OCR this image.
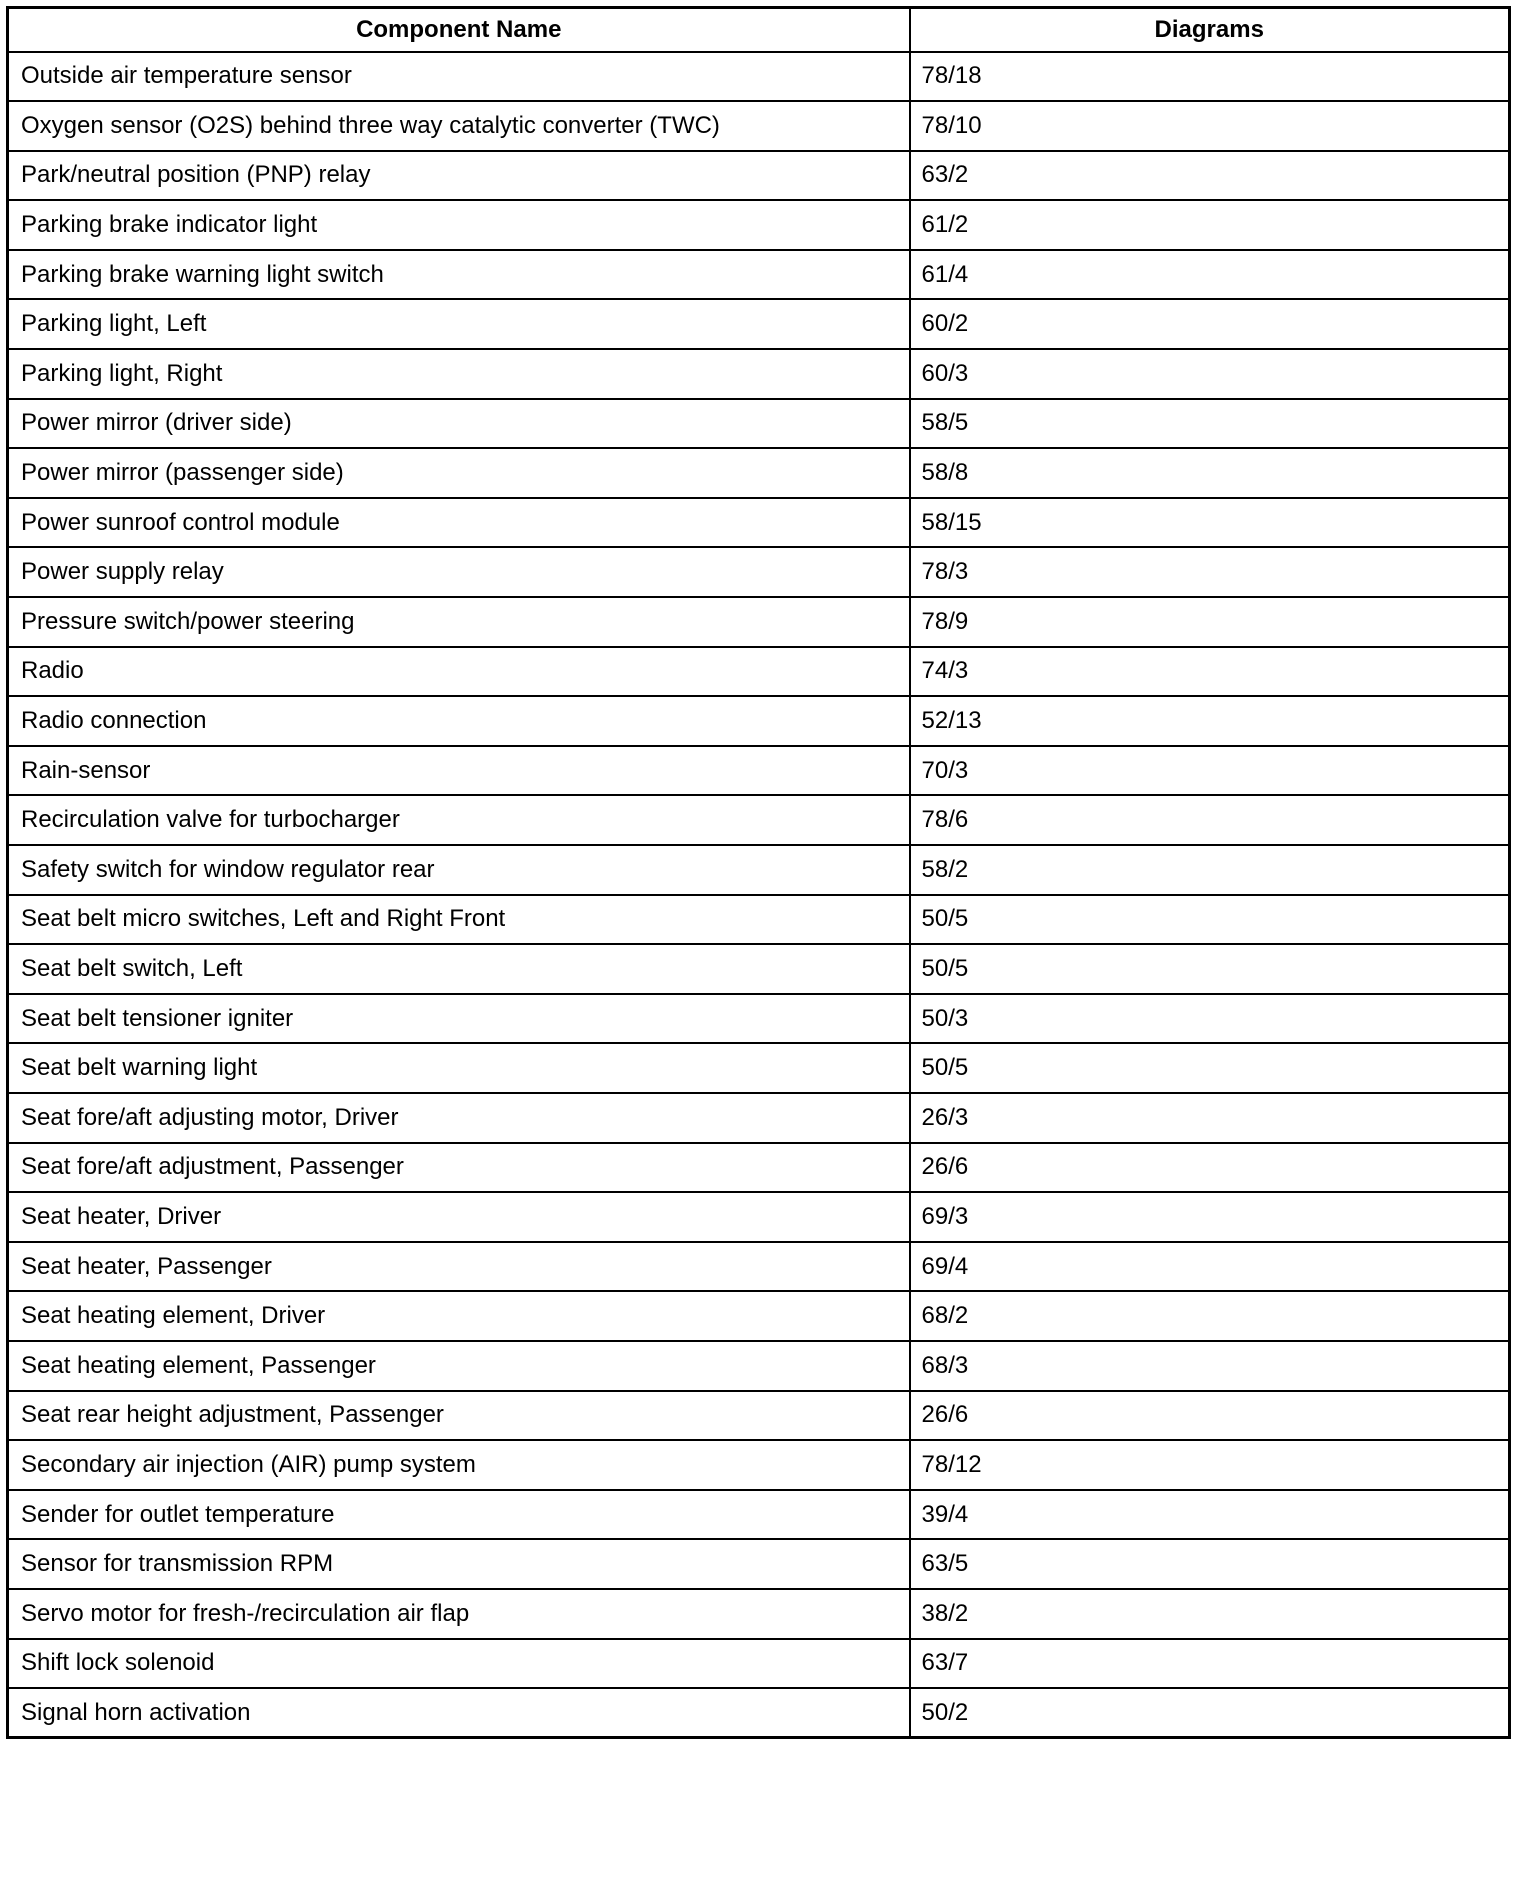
Component Name	Diagrams
Outside air temperature sensor	78/18
Oxygen sensor (O2S) behind three way catalytic converter (TWC)	78/10
Park/neutral position (PNP) relay	63/2
Parking brake indicator light	61/2
Parking brake warning light switch	61/4
Parking light, Left	60/2
Parking light, Right	60/3
Power mirror (driver side)	58/5
Power mirror (passenger side)	58/8
Power sunroof control module	58/15
Power supply relay	78/3
Pressure switch/power steering	78/9
Radio	74/3
Radio connection	52/13
Rain-sensor	70/3
Recirculation valve for turbocharger	78/6
Safety switch for window regulator rear	58/2
Seat belt micro switches, Left and Right Front	50/5
Seat belt switch, Left	50/5
Seat belt tensioner igniter	50/3
Seat belt warning light	50/5
Seat fore/aft adjusting motor, Driver	26/3
Seat fore/aft adjustment, Passenger	26/6
Seat heater, Driver	69/3
Seat heater, Passenger	69/4
Seat heating element, Driver	68/2
Seat heating element, Passenger	68/3
Seat rear height adjustment, Passenger	26/6
Secondary air injection (AIR) pump system	78/12
Sender for outlet temperature	39/4
Sensor for transmission RPM	63/5
Servo motor for fresh-/recirculation air flap	38/2
Shift lock solenoid	63/7
Signal horn activation	50/2
